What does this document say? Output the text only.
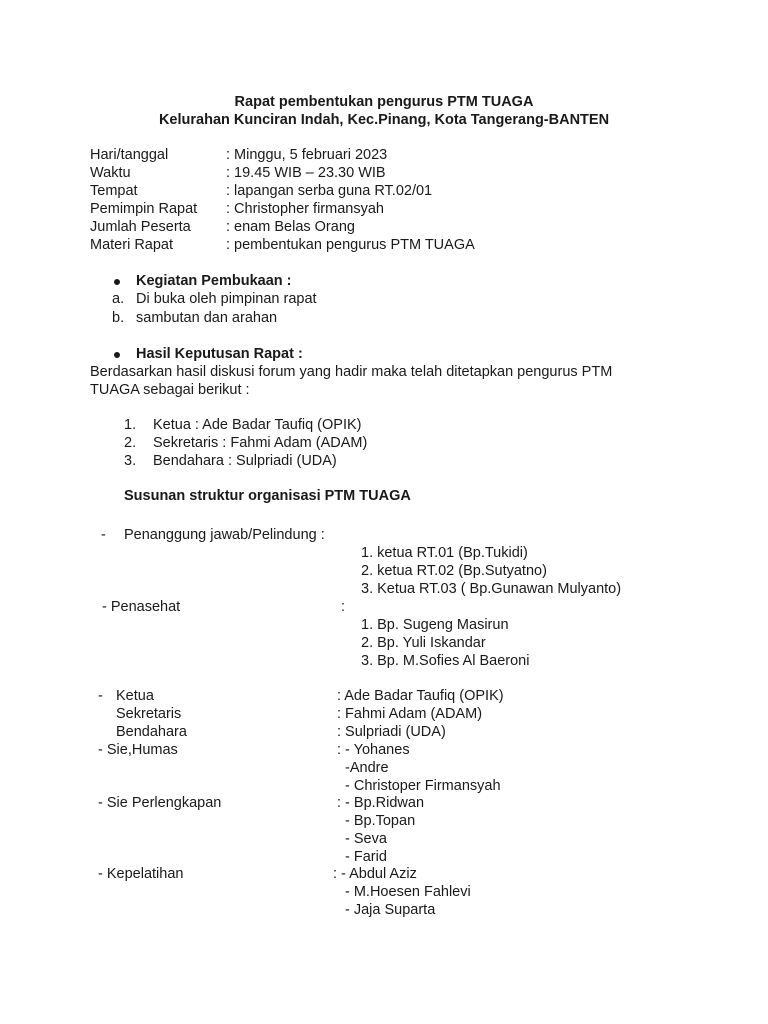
Rapat pembentukan pengurus PTM TUAGA
Kelurahan Kunciran Indah, Kec.Pinang, Kota Tangerang-BANTEN
Hari/tanggal	: Minggu, 5 februari 2023
Waktu	: 19.45 WIB – 23.30 WIB
Tempat	: lapangan serba guna RT.02/01
Pemimpin Rapat : Christopher firmansyah
Jumlah Peserta : enam Belas Orang
Materi Rapat	: pembentukan pengurus PTM TUAGA
Kegiatan Pembukaan :
a. Di buka oleh pimpinan rapat
b. sambutan dan arahan
Hasil Keputusan Rapat :
Berdasarkan hasil diskusi forum yang hadir maka telah ditetapkan pengurus PTM
TUAGA sebagai berikut :
1. Ketua : Ade Badar Taufiq (OPIK)
2. Sekretaris : Fahmi Adam (ADAM)
3. Bendahara : Sulpriadi (UDA)
Susunan struktur organisasi PTM TUAGA
- Penanggung jawab/Pelindung :
1. ketua RT.01 (Bp.Tukidi)
2. ketua RT.02 (Bp.Sutyatno)
3. Ketua RT.03 ( Bp.Gunawan Mulyanto)
- Penasehat	:
1. Bp. Sugeng Masirun
2. Bp. Yuli Iskandar
3. Bp. M.Sofies Al Baeroni
- Ketua	: Ade Badar Taufiq (OPIK)
Sekretaris	: Fahmi Adam (ADAM)
Bendahara	: Sulpriadi (UDA)
- Sie,Humas	: - Yohanes
-Andre
- Christoper Firmansyah
- Sie Perlengkapan	: - Bp.Ridwan
- Bp.Topan
- Seva
- Farid
- Kepelatihan	: - Abdul Aziz
- M.Hoesen Fahlevi
- Jaja Suparta
